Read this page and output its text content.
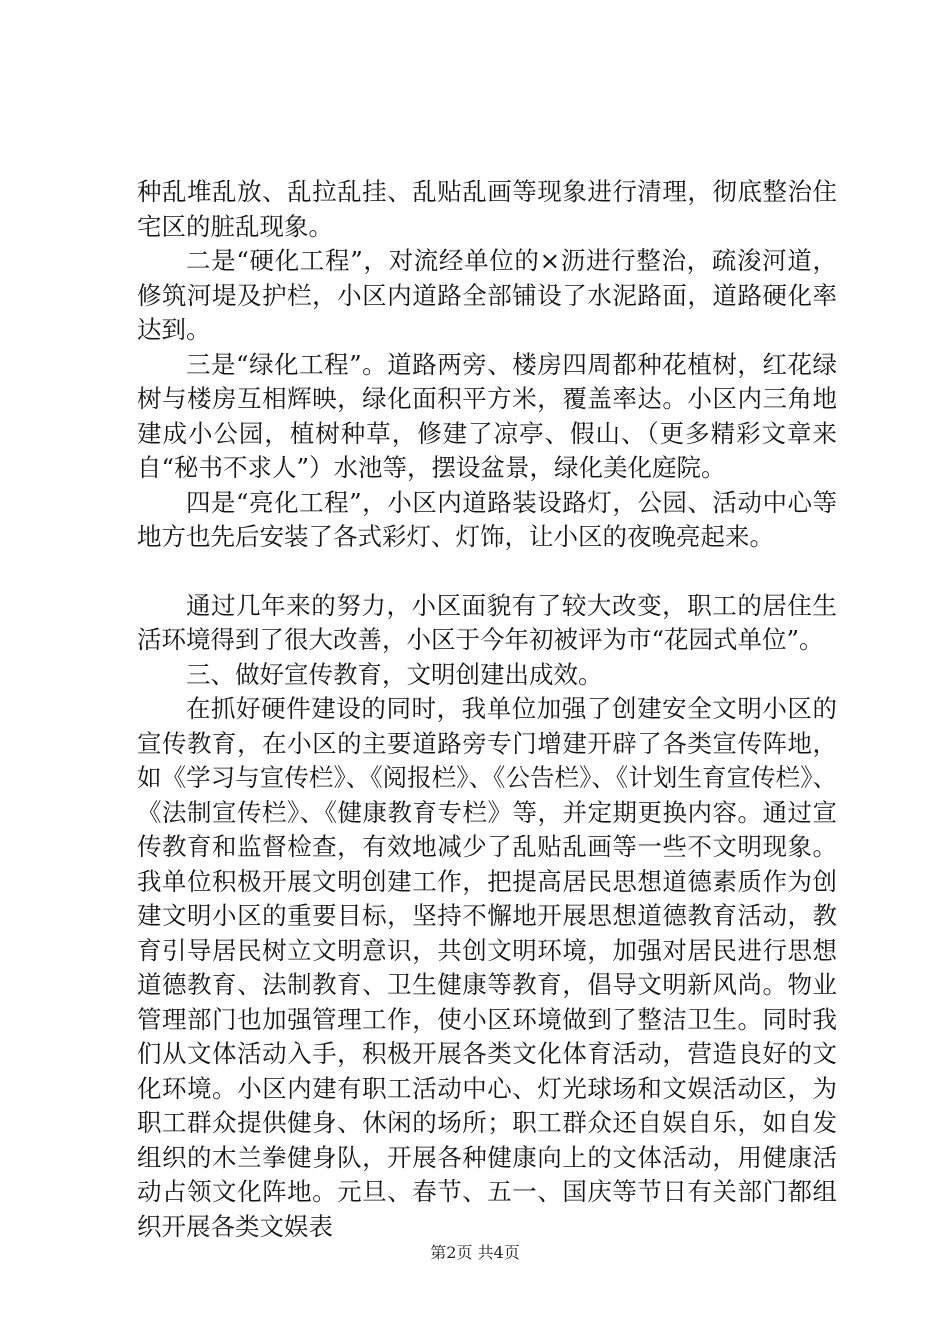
种乱堆乱放、乱拉乱挂、乱贴乱画等现象进行清理，彻底整治住宅区的脏乱现象。

二是“硬化工程”，对流经单位的×沥进行整治，疏浚河道，修筑河堤及护栏，小区内道路全部铺设了水泥路面，道路硬化率达到。

三是“绿化工程”。道路两旁、楼房四周都种花植树，红花绿树与楼房互相辉映，绿化面积平方米，覆盖率达。小区内三角地建成小公园，植树种草，修建了凉亭、假山、（更多精彩文章来自“秘书不求人”）水池等，摆设盆景，绿化美化庭院。

四是“亮化工程”，小区内道路装设路灯，公园、活动中心等地方也先后安装了各式彩灯、灯饰，让小区的夜晚亮起来。

通过几年来的努力，小区面貌有了较大改变，职工的居住生活环境得到了很大改善，小区于今年初被评为市“花园式单位”。

三、做好宣传教育，文明创建出成效。

在抓好硬件建设的同时，我单位加强了创建安全文明小区的宣传教育，在小区的主要道路旁专门增建开辟了各类宣传阵地，如《学习与宣传栏》、《阅报栏》、《公告栏》、《计划生育宣传栏》、《法制宣传栏》、《健康教育专栏》等，并定期更换内容。通过宣传教育和监督检查，有效地减少了乱贴乱画等一些不文明现象。我单位积极开展文明创建工作，把提高居民思想道德素质作为创建文明小区的重要目标，坚持不懈地开展思想道德教育活动，教育引导居民树立文明意识，共创文明环境，加强对居民进行思想道德教育、法制教育、卫生健康等教育，倡导文明新风尚。物业管理部门也加强管理工作，使小区环境做到了整洁卫生。同时我们从文体活动入手，积极开展各类文化体育活动，营造良好的文化环境。小区内建有职工活动中心、灯光球场和文娱活动区，为职工群众提供健身、休闲的场所；职工群众还自娱自乐，如自发组织的木兰拳健身队，开展各种健康向上的文体活动，用健康活动占领文化阵地。元旦、春节、五一、国庆等节日有关部门都组织开展各类文娱表

第2页 共4页
